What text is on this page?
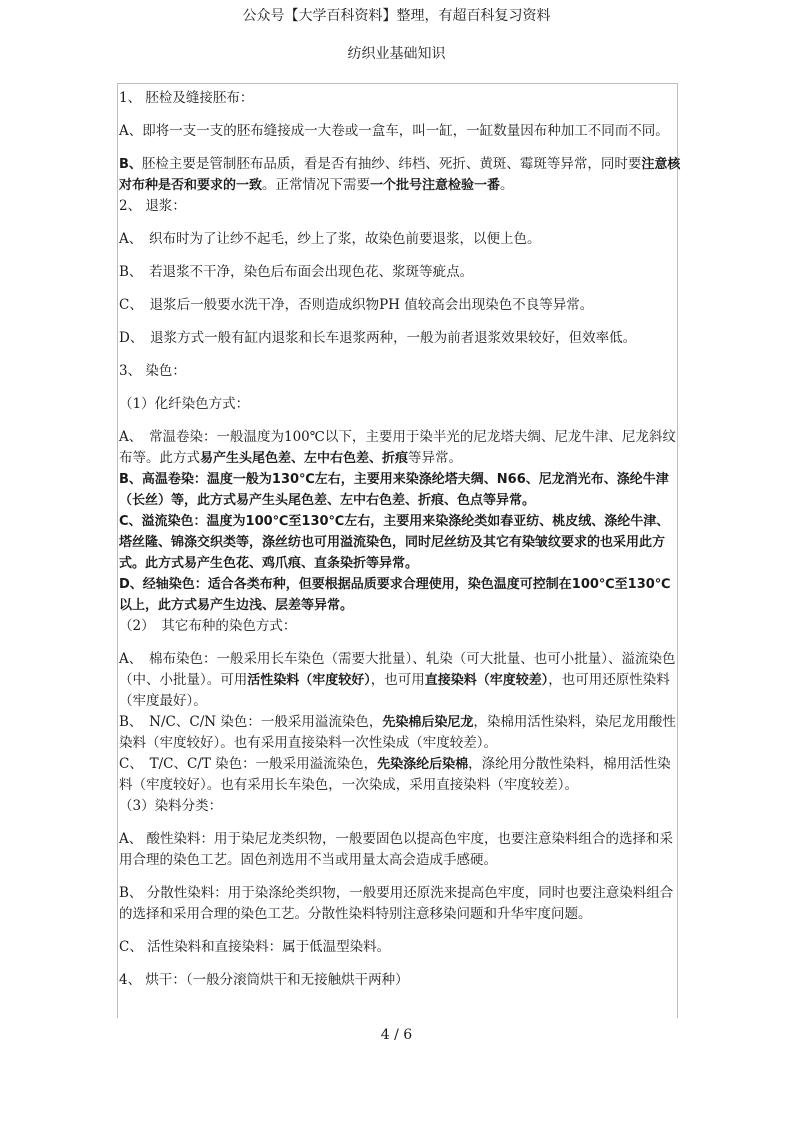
公众号【大学百科资料】整理，有超百科复习资料
纺织业基础知识

1、 胚检及缝接胚布：

A、即将一支一支的胚布缝接成一大卷或一盒车，叫一缸，一缸数量因布种加工不同而不同。

B、胚检主要是管制胚布品质，看是否有抽纱、纬档、死折、黄斑、霉斑等异常，同时要注意核对布种是否和要求的一致。正常情况下需要一个批号注意检验一番。

2、 退浆：

A、　织布时为了让纱不起毛，纱上了浆，故染色前要退浆，以便上色。

B、　若退浆不干净，染色后布面会出现色花、浆斑等疵点。

C、　退浆后一般要水洗干净，否则造成织物PH 值较高会出现染色不良等异常。

D、　退浆方式一般有缸内退浆和长车退浆两种，一般为前者退浆效果较好，但效率低。

3、 染色：

（1）化纤染色方式：

A、　常温卷染：一般温度为100℃以下，主要用于染半光的尼龙塔夫绸、尼龙牛津、尼龙斜纹布等。此方式易产生头尾色差、左中右色差、折痕等异常。

B、高温卷染：温度一般为130℃左右，主要用来染涤纶塔夫绸、N66、尼龙消光布、涤纶牛津（长丝）等，此方式易产生头尾色差、左中右色差、折痕、色点等异常。

C、溢流染色：温度为100℃至130℃左右，主要用来染涤纶类如春亚纺、桃皮绒、涤纶牛津、塔丝隆、锦涤交织类等，涤丝纺也可用溢流染色，同时尼丝纺及其它有染皱纹要求的也采用此方式。此方式易产生色花、鸡爪痕、直条染折等异常。

D、经轴染色：适合各类布种，但要根据品质要求合理使用，染色温度可控制在100℃至130℃以上，此方式易产生边浅、层差等异常。

（2）　其它布种的染色方式：

A、　棉布染色：一般采用长车染色（需要大批量）、轧染（可大批量、也可小批量）、溢流染色（中、小批量）。可用活性染料（牢度较好），也可用直接染料（牢度较差），也可用还原性染料（牢度最好）。

B、　N/C、C/N 染色：一般采用溢流染色，先染棉后染尼龙，染棉用活性染料，染尼龙用酸性染料（牢度较好）。也有采用直接染料一次性染成（牢度较差）。

C、　T/C、C/T 染色：一般采用溢流染色，先染涤纶后染棉，涤纶用分散性染料，棉用活性染料（牢度较好）。也有采用长车染色，一次染成，采用直接染料（牢度较差）。

（3）染料分类：

A、 酸性染料：用于染尼龙类织物，一般要固色以提高色牢度，也要注意染料组合的选择和采用合理的染色工艺。固色剂选用不当或用量太高会造成手感硬。

B、 分散性染料：用于染涤纶类织物，一般要用还原洗来提高色牢度，同时也要注意染料组合的选择和采用合理的染色工艺。分散性染料特别注意移染问题和升华牢度问题。

C、 活性染料和直接染料：属于低温型染料。

4、 烘干：（一般分滚筒烘干和无接触烘干两种）

4 / 6
